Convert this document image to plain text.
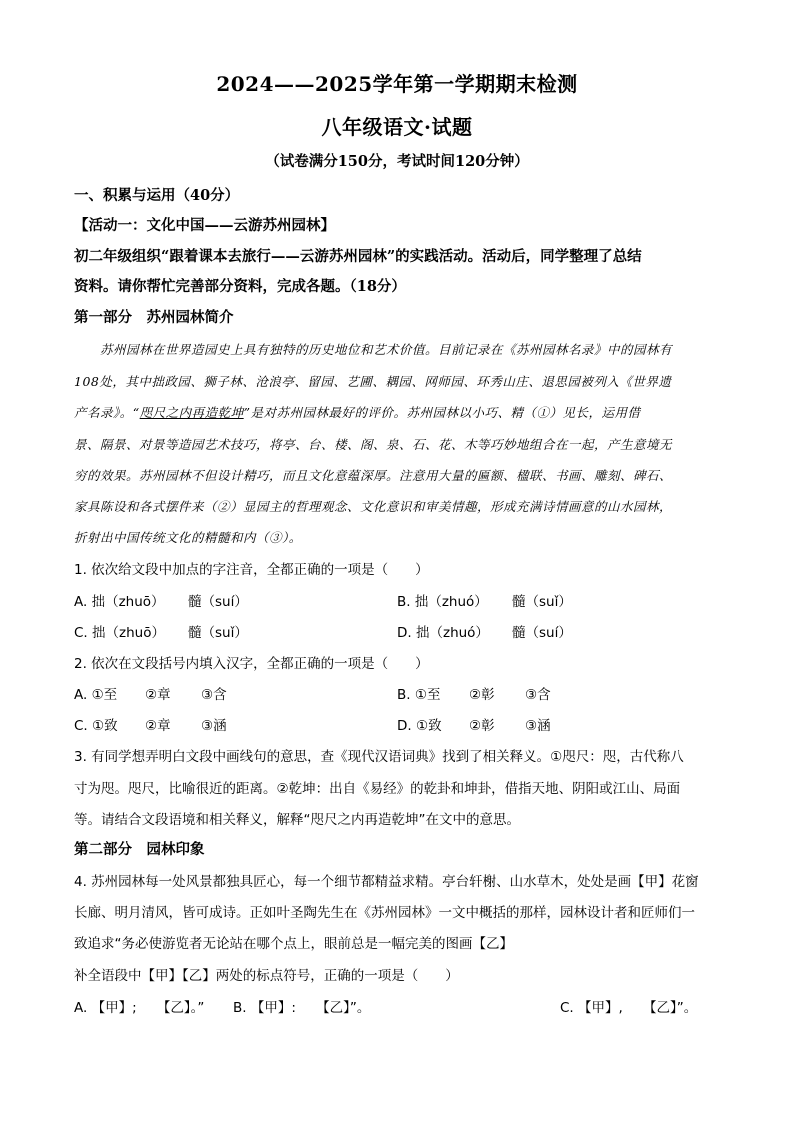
2024——2025学年第一学期期末检测
八年级语文·试题
（试卷满分150分，考试时间120分钟）
一、积累与运用（40分）
【活动一：文化中国——云游苏州园林】
初二年级组织“跟着课本去旅行——云游苏州园林”的实践活动。活动后，同学整理了总结
资料。请你帮忙完善部分资料，完成各题。（18分）
第一部分　苏州园林简介
苏州园林在世界造园史上具有独特的历史地位和艺术价值。目前记录在《苏州园林名录》中的园林有
108处，其中拙政园、狮子林、沧浪亭、留园、艺圃、耦园、网师园、环秀山庄、退思园被列入《世界遗
产名录》。“咫尺之内再造乾坤”是对苏州园林最好的评价。苏州园林以小巧、精（①）见长，运用借
景、隔景、对景等造园艺术技巧，将亭、台、楼、阁、泉、石、花、木等巧妙地组合在一起，产生意境无
穷的效果。苏州园林不但设计精巧，而且文化意蕴深厚。注意用大量的匾额、楹联、书画、雕刻、碑石、
家具陈设和各式摆件来（②）显园主的哲理观念、文化意识和审美情趣，形成充满诗情画意的山水园林，
折射出中国传统文化的精髓和内（③）。
1. 依次给文段中加点的字注音，全都正确的一项是（　　）
A. 拙（zhuō） 髓（suí）	B. 拙（zhuó） 髓（suǐ）
C. 拙（zhuō） 髓（suǐ）	D. 拙（zhuó） 髓（suí）
2. 依次在文段括号内填入汉字，全都正确的一项是（　　）
A. ①至 ②章 ③含	B. ①至 ②彰 ③含
C. ①致 ②章 ③涵	D. ①致 ②彰 ③涵
3. 有同学想弄明白文段中画线句的意思，查《现代汉语词典》找到了相关释义。①咫尺：咫，古代称八
寸为咫。咫尺，比喻很近的距离。②乾坤：出自《易经》的乾卦和坤卦，借指天地、阴阳或江山、局面
等。请结合文段语境和相关释义，解释“咫尺之内再造乾坤”在文中的意思。
第二部分　园林印象
4. 苏州园林每一处风景都独具匠心，每一个细节都精益求精。亭台轩榭、山水草木，处处是画【甲】花窗
长廊、明月清风，皆可成诗。正如叶圣陶先生在《苏州园林》一文中概括的那样，园林设计者和匠师们一
致追求“务必使游览者无论站在哪个点上，眼前总是一幅完美的图画【乙】
补全语段中【甲】【乙】两处的标点符号，正确的一项是（　　）
A. 【甲】;　　【乙】。” B. 【甲】:　　【乙】”。	C. 【甲】,　　【乙】”。
